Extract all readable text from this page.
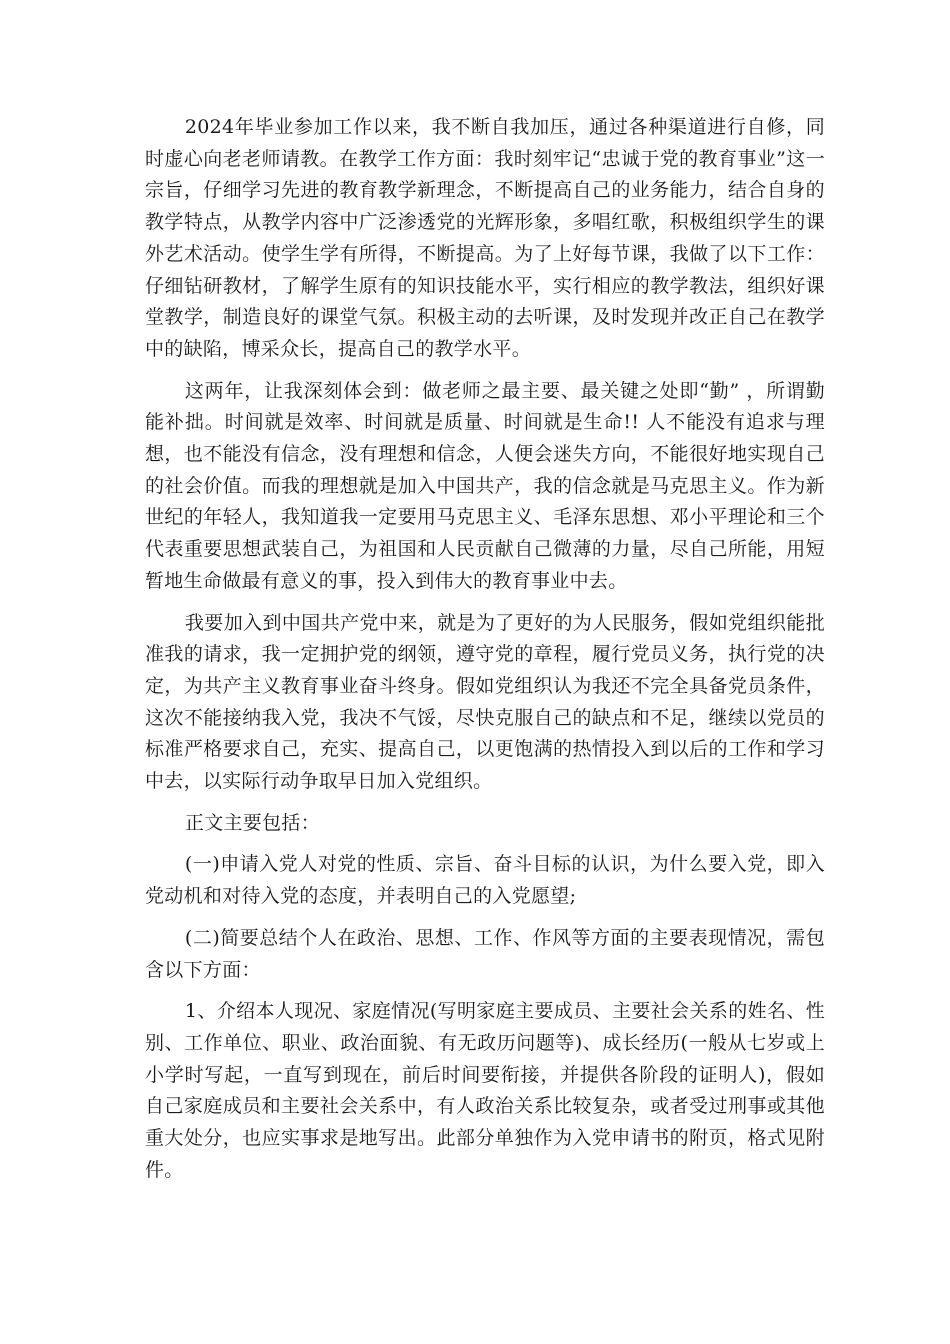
2024年毕业参加工作以来，我不断自我加压，通过各种渠道进行自修，同时虚心向老老师请教。在教学工作方面：我时刻牢记“忠诚于党的教育事业”这一宗旨，仔细学习先进的教育教学新理念，不断提高自己的业务能力，结合自身的教学特点，从教学内容中广泛渗透党的光辉形象，多唱红歌，积极组织学生的课外艺术活动。使学生学有所得，不断提高。为了上好每节课，我做了以下工作：仔细钻研教材，了解学生原有的知识技能水平，实行相应的教学教法，组织好课堂教学，制造良好的课堂气氛。积极主动的去听课，及时发现并改正自己在教学中的缺陷，博采众长，提高自己的教学水平。

这两年，让我深刻体会到：做老师之最主要、最关键之处即“勤” ，所谓勤能补拙。时间就是效率、时间就是质量、时间就是生命!! 人不能没有追求与理想，也不能没有信念，没有理想和信念，人便会迷失方向，不能很好地实现自己的社会价值。而我的理想就是加入中国共产，我的信念就是马克思主义。作为新世纪的年轻人，我知道我一定要用马克思主义、毛泽东思想、邓小平理论和三个代表重要思想武装自己，为祖国和人民贡献自己微薄的力量，尽自己所能，用短暂地生命做最有意义的事，投入到伟大的教育事业中去。

我要加入到中国共产党中来，就是为了更好的为人民服务，假如党组织能批准我的请求，我一定拥护党的纲领，遵守党的章程，履行党员义务，执行党的决定，为共产主义教育事业奋斗终身。假如党组织认为我还不完全具备党员条件，这次不能接纳我入党，我决不气馁，尽快克服自己的缺点和不足，继续以党员的标准严格要求自己，充实、提高自己，以更饱满的热情投入到以后的工作和学习中去，以实际行动争取早日加入党组织。

正文主要包括：

(一)申请入党人对党的性质、宗旨、奋斗目标的认识，为什么要入党，即入党动机和对待入党的态度，并表明自己的入党愿望;

(二)简要总结个人在政治、思想、工作、作风等方面的主要表现情况，需包含以下方面：

1、介绍本人现况、家庭情况(写明家庭主要成员、主要社会关系的姓名、性别、工作单位、职业、政治面貌、有无政历问题等)、成长经历(一般从七岁或上小学时写起，一直写到现在，前后时间要衔接，并提供各阶段的证明人)，假如自己家庭成员和主要社会关系中，有人政治关系比较复杂，或者受过刑事或其他重大处分，也应实事求是地写出。此部分单独作为入党申请书的附页，格式见附件。
